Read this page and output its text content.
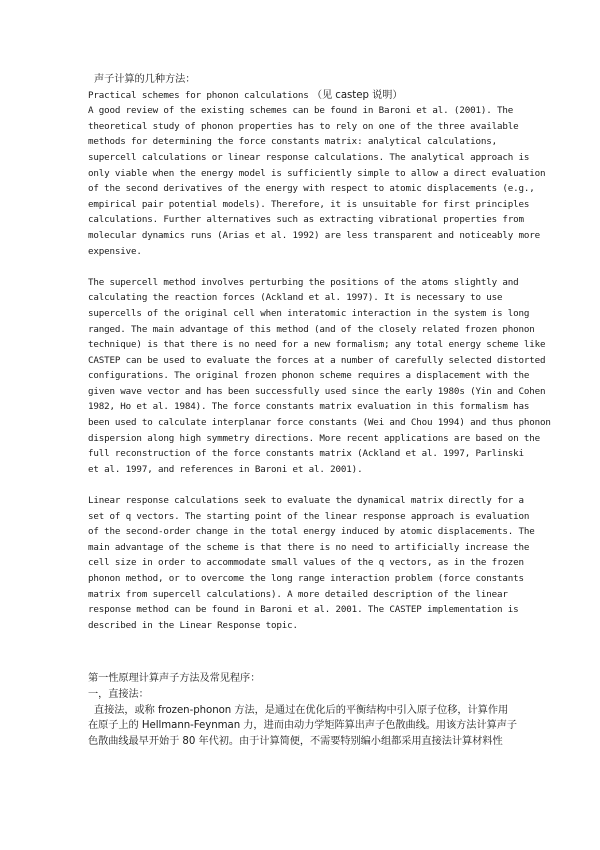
声子计算的几种方法：

Practical schemes for phonon calculations （见 castep 说明）

A good review of the existing schemes can be found in Baroni et al. (2001). The

theoretical study of phonon properties has to rely on one of the three available

methods for determining the force constants matrix: analytical calculations,

supercell calculations or linear response calculations. The analytical approach is

only viable when the energy model is sufficiently simple to allow a direct evaluation

of the second derivatives of the energy with respect to atomic displacements (e.g.,

empirical pair potential models). Therefore, it is unsuitable for first principles

calculations. Further alternatives such as extracting vibrational properties from

molecular dynamics runs (Arias et al. 1992) are less transparent and noticeably more

expensive.

The supercell method involves perturbing the positions of the atoms slightly and

calculating the reaction forces (Ackland et al. 1997). It is necessary to use

supercells of the original cell when interatomic interaction in the system is long

ranged. The main advantage of this method (and of the closely related frozen phonon

technique) is that there is no need for a new formalism; any total energy scheme like

CASTEP can be used to evaluate the forces at a number of carefully selected distorted

configurations. The original frozen phonon scheme requires a displacement with the

given wave vector and has been successfully used since the early 1980s (Yin and Cohen

1982, Ho et al. 1984). The force constants matrix evaluation in this formalism has

been used to calculate interplanar force constants (Wei and Chou 1994) and thus phonon

dispersion along high symmetry directions. More recent applications are based on the

full reconstruction of the force constants matrix (Ackland et al. 1997, Parlinski

et al. 1997, and references in Baroni et al. 2001).

Linear response calculations seek to evaluate the dynamical matrix directly for a

set of q vectors. The starting point of the linear response approach is evaluation

of the second-order change in the total energy induced by atomic displacements. The

main advantage of the scheme is that there is no need to artificially increase the

cell size in order to accommodate small values of the q vectors, as in the frozen

phonon method, or to overcome the long range interaction problem (force constants

matrix from supercell calculations). A more detailed description of the linear

response method can be found in Baroni et al. 2001. The CASTEP implementation is

described in the Linear Response topic.

第一性原理计算声子方法及常见程序：

一，直接法：

直接法，或称 frozen-phonon 方法，是通过在优化后的平衡结构中引入原子位移，计算作用

在原子上的 Hellmann-Feynman 力，进而由动力学矩阵算出声子色散曲线。用该方法计算声子

色散曲线最早开始于 80 年代初。由于计算简便，不需要特别编小组都采用直接法计算材料性
